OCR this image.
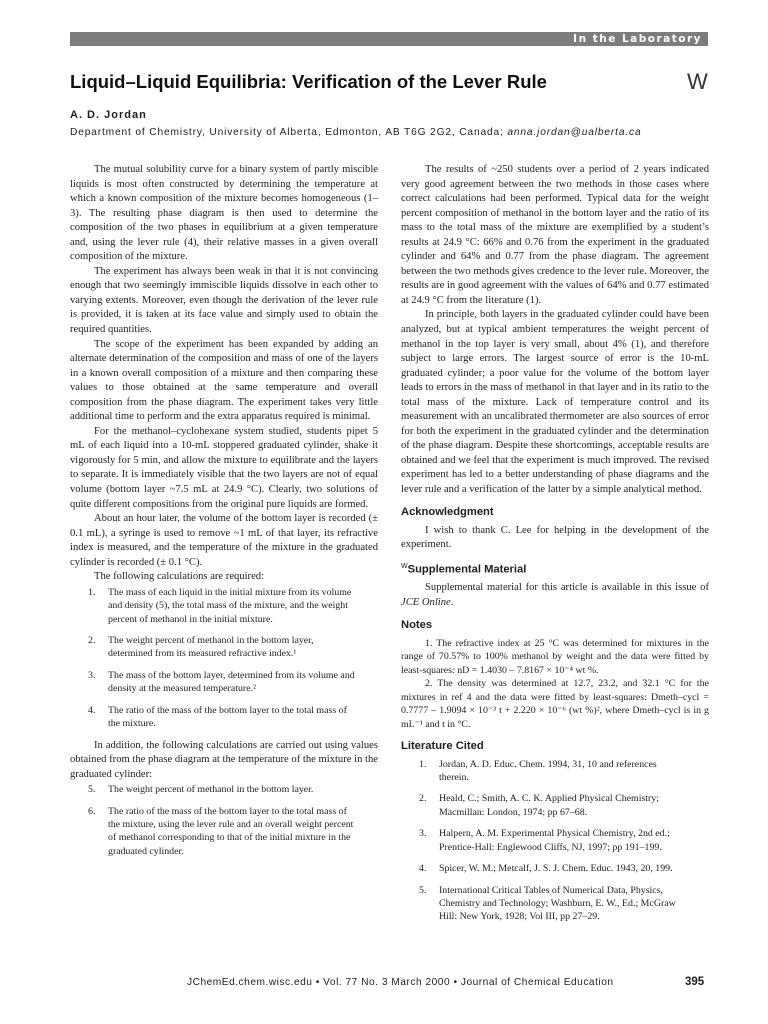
In the Laboratory
Liquid–Liquid Equilibria: Verification of the Lever Rule	W
A. D. Jordan
Department of Chemistry, University of Alberta, Edmonton, AB T6G 2G2, Canada; anna.jordan@ualberta.ca

The mutual solubility curve for a binary system of partly miscible liquids is most often constructed by determining the temperature at which a known composition of the mixture becomes homogeneous (1–3). The resulting phase diagram is then used to determine the composition of the two phases in equilibrium at a given temperature and, using the lever rule (4), their relative masses in a given overall composition of the mixture.

The experiment has always been weak in that it is not convincing enough that two seemingly immiscible liquids dissolve in each other to varying extents. Moreover, even though the derivation of the lever rule is provided, it is taken at its face value and simply used to obtain the required quantities.

The scope of the experiment has been expanded by adding an alternate determination of the composition and mass of one of the layers in a known overall composition of a mixture and then comparing these values to those obtained at the same temperature and overall composition from the phase diagram. The experiment takes very little additional time to perform and the extra apparatus required is minimal.

For the methanol–cyclohexane system studied, students pipet 5 mL of each liquid into a 10-mL stoppered graduated cylinder, shake it vigorously for 5 min, and allow the mixture to equilibrate and the layers to separate. It is immediately visible that the two layers are not of equal volume (bottom layer ~7.5 mL at 24.9 °C). Clearly, two solutions of quite different compositions from the original pure liquids are formed.

About an hour later, the volume of the bottom layer is recorded (± 0.1 mL), a syringe is used to remove ~1 mL of that layer, its refractive index is measured, and the temperature of the mixture in the graduated cylinder is recorded (± 0.1 °C).

The following calculations are required:

1. The mass of each liquid in the initial mixture from its volume and density (5), the total mass of the mixture, and the weight percent of methanol in the initial mixture.
2. The weight percent of methanol in the bottom layer, determined from its measured refractive index.¹
3. The mass of the bottom layer, determined from its volume and density at the measured temperature.²
4. The ratio of the mass of the bottom layer to the total mass of the mixture.

In addition, the following calculations are carried out using values obtained from the phase diagram at the temperature of the mixture in the graduated cylinder:

5. The weight percent of methanol in the bottom layer.
6. The ratio of the mass of the bottom layer to the total mass of the mixture, using the lever rule and an overall weight percent of methanol corresponding to that of the initial mixture in the graduated cylinder.

The results of ~250 students over a period of 2 years indicated very good agreement between the two methods in those cases where correct calculations had been performed. Typical data for the weight percent composition of methanol in the bottom layer and the ratio of its mass to the total mass of the mixture are exemplified by a student’s results at 24.9 °C: 66% and 0.76 from the experiment in the graduated cylinder and 64% and 0.77 from the phase diagram. The agreement between the two methods gives credence to the lever rule. Moreover, the results are in good agreement with the values of 64% and 0.77 estimated at 24.9 °C from the literature (1).

In principle, both layers in the graduated cylinder could have been analyzed, but at typical ambient temperatures the weight percent of methanol in the top layer is very small, about 4% (1), and therefore subject to large errors. The largest source of error is the 10-mL graduated cylinder; a poor value for the volume of the bottom layer leads to errors in the mass of methanol in that layer and in its ratio to the total mass of the mixture. Lack of temperature control and its measurement with an uncalibrated thermometer are also sources of error for both the experiment in the graduated cylinder and the determination of the phase diagram. Despite these shortcomings, acceptable results are obtained and we feel that the experiment is much improved. The revised experiment has led to a better understanding of phase diagrams and the lever rule and a verification of the latter by a simple analytical method.

Acknowledgment

I wish to thank C. Lee for helping in the development of the experiment.

$^W$Supplemental Material

Supplemental material for this article is available in this issue of JCE Online.

Notes

1. The refractive index at 25 °C was determined for mixtures in the range of 70.57% to 100% methanol by weight and the data were fitted by least-squares: nD = 1.4030 – 7.8167 × 10⁻⁴ wt %.

2. The density was determined at 12.7, 23.2, and 32.1 °C for the mixtures in ref 4 and the data were fitted by least-squares: Dmeth–cycl = 0.7777 – 1.9094 × 10⁻³ t + 2.220 × 10⁻⁶ (wt %)², where Dmeth–cycl is in g mL⁻¹ and t in °C.

Literature Cited
1. Jordan, A. D. Educ. Chem. 1994, 31, 10 and references therein.
2. Heald, C.; Smith, A. C. K. Applied Physical Chemistry; Macmillan: London, 1974; pp 67–68.
3. Halpern, A. M. Experimental Physical Chemistry, 2nd ed.; Prentice-Hall: Englewood Cliffs, NJ, 1997; pp 191–199.
4. Spicer, W. M.; Metcalf, J. S. J. Chem. Educ. 1943, 20, 199.
5. International Critical Tables of Numerical Data, Physics, Chemistry and Technology; Washburn, E. W., Ed.; McGraw Hill: New York, 1928; Vol III, pp 27–29.
JChemEd.chem.wisc.edu • Vol. 77 No. 3 March 2000 • Journal of Chemical Education	395
